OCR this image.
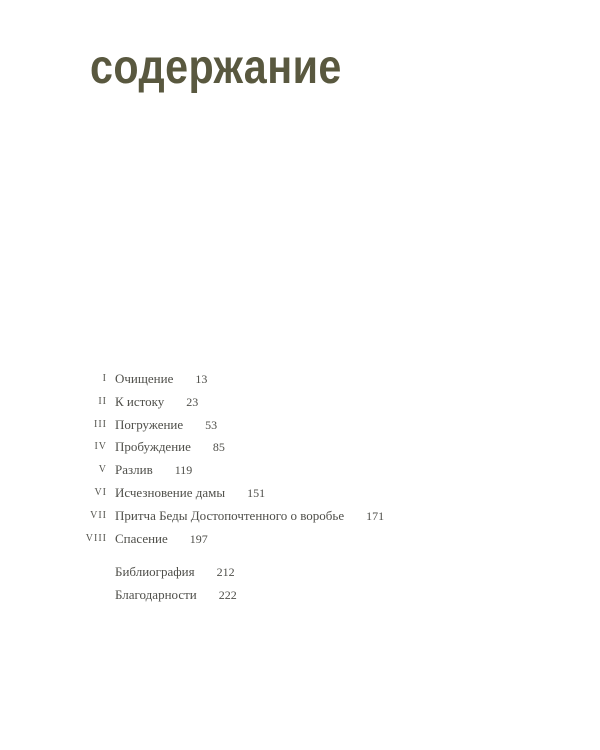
содержание
I Очищение 13
II К истоку 23
III Погружение 53
IV Пробуждение 85
V Разлив 119
VI Исчезновение дамы 151
VII Притча Беды Достопочтенного о воробье 171
VIII Спасение 197
Библиография 212
Благодарности 222
